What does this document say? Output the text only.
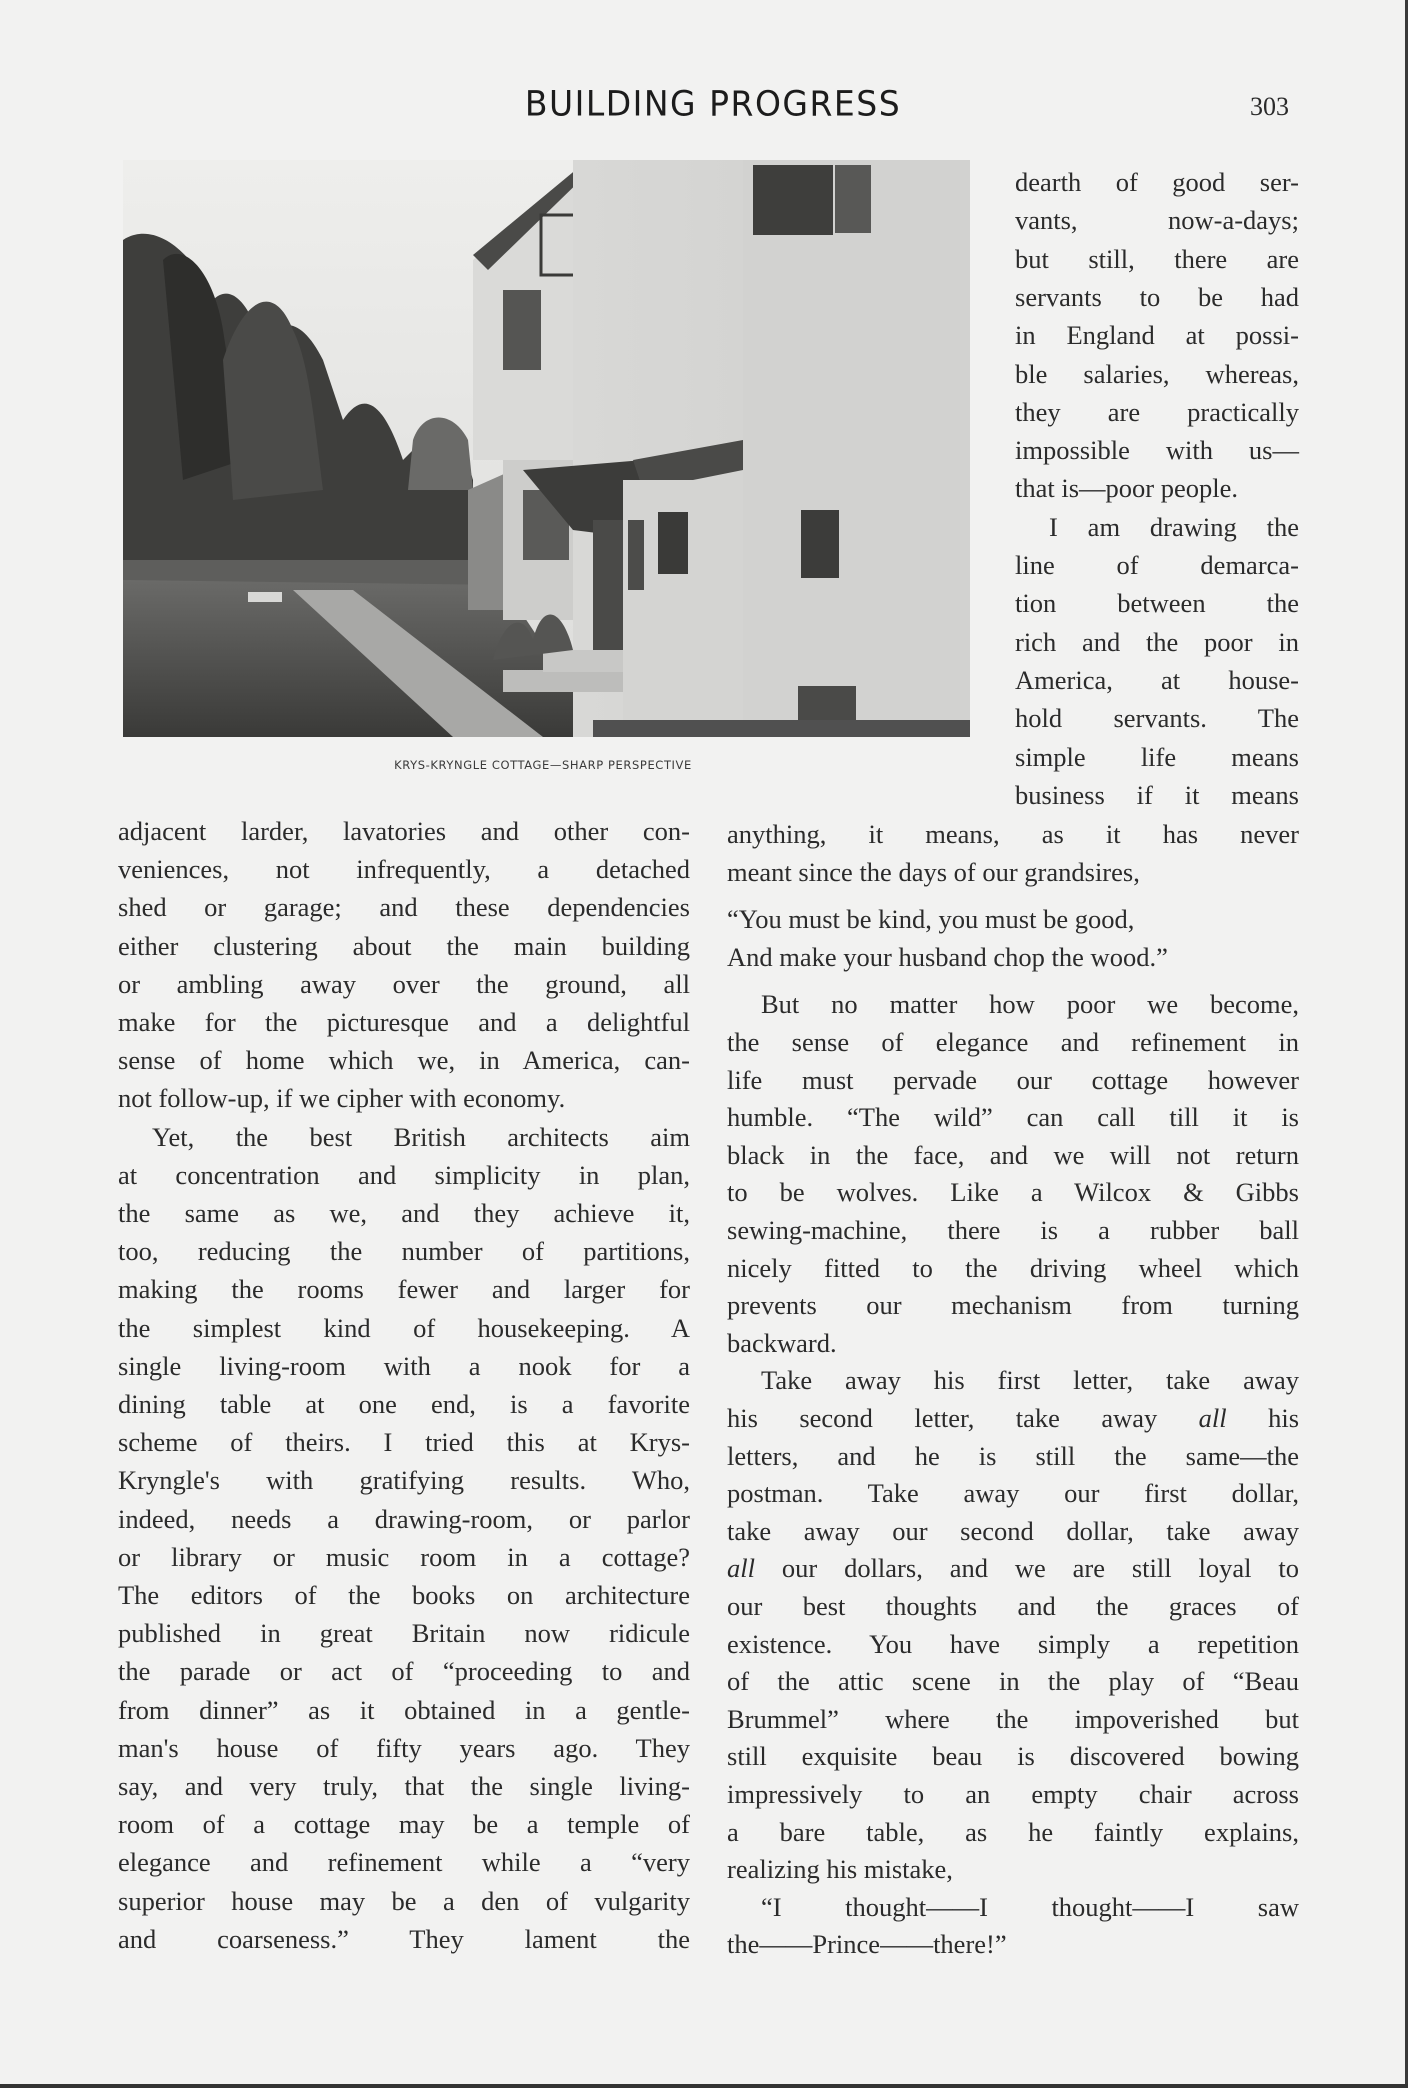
BUILDING PROGRESS	303
KRYS-KRYNGLE COTTAGE—SHARP PERSPECTIVE
dearth of good ser-
vants, now-a-days;
but still, there are
servants to be had
in England at possi-
ble salaries, whereas,
they are practically
impossible with us—
that is—poor people.
I am drawing the
line of demarca-
tion between the
rich and the poor in
America, at house-
hold servants. The
simple life means
business if it means
adjacent larder, lavatories and other con-
veniences, not infrequently, a detached
shed or garage; and these dependencies
either clustering about the main building
or ambling away over the ground, all
make for the picturesque and a delightful
sense of home which we, in America, can-
not follow-up, if we cipher with economy.
Yet, the best British architects aim
at concentration and simplicity in plan,
the same as we, and they achieve it,
too, reducing the number of partitions,
making the rooms fewer and larger for
the simplest kind of housekeeping. A
single living-room with a nook for a
dining table at one end, is a favorite
scheme of theirs. I tried this at Krys-
Kryngle's with gratifying results. Who,
indeed, needs a drawing-room, or parlor
or library or music room in a cottage?
The editors of the books on architecture
published in great Britain now ridicule
the parade or act of “proceeding to and
from dinner” as it obtained in a gentle-
man's house of fifty years ago. They
say, and very truly, that the single living-
room of a cottage may be a temple of
elegance and refinement while a “very
superior house may be a den of vulgarity
and coarseness.” They lament the
anything, it means, as it has never
meant since the days of our grandsires,
“You must be kind, you must be good,
And make your husband chop the wood.”
But no matter how poor we become,
the sense of elegance and refinement in
life must pervade our cottage however
humble. “The wild” can call till it is
black in the face, and we will not return
to be wolves. Like a Wilcox & Gibbs
sewing-machine, there is a rubber ball
nicely fitted to the driving wheel which
prevents our mechanism from turning
backward.
Take away his first letter, take away
his second letter, take away all his
letters, and he is still the same—the
postman. Take away our first dollar,
take away our second dollar, take away
all our dollars, and we are still loyal to
our best thoughts and the graces of
existence. You have simply a repetition
of the attic scene in the play of “Beau
Brummel” where the impoverished but
still exquisite beau is discovered bowing
impressively to an empty chair across
a bare table, as he faintly explains,
realizing his mistake,
“I thought——I thought——I saw
the——Prince——there!”
